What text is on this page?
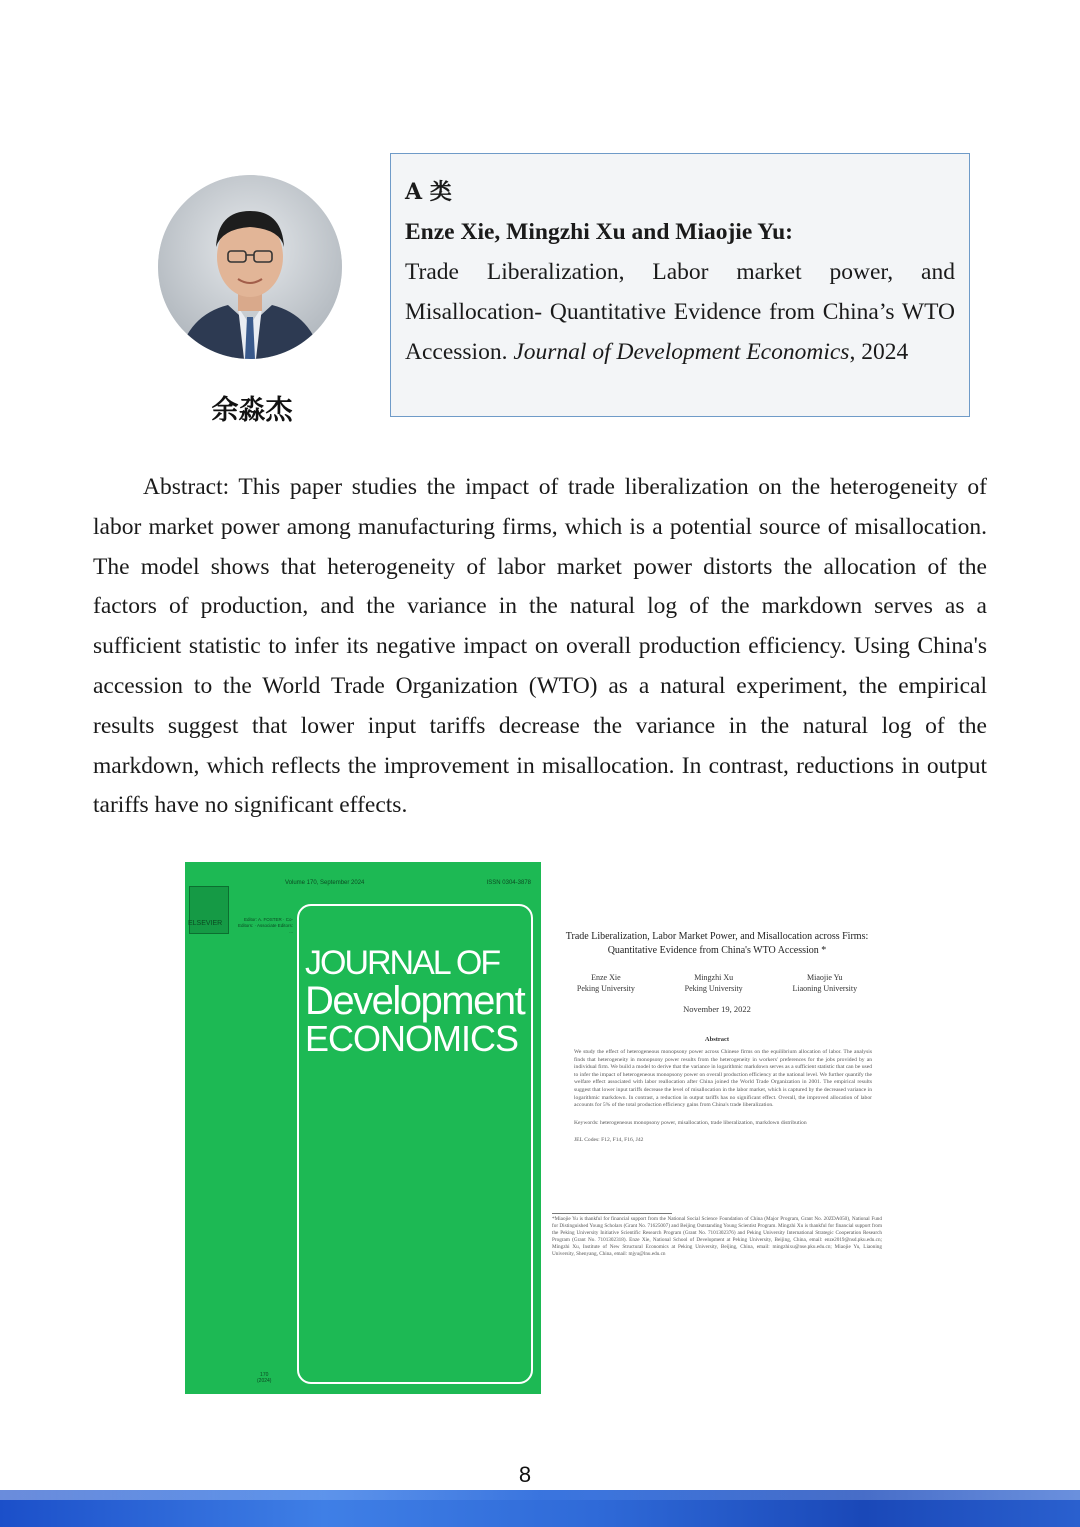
余淼杰
A 类
Enze Xie, Mingzhi Xu and Miaojie Yu:
Trade Liberalization, Labor market power, and Misallocation- Quantitative Evidence from China’s WTO Accession. Journal of Development Economics, 2024

Abstract: This paper studies the impact of trade liberalization on the heterogeneity of labor market power among manufacturing firms, which is a potential source of misallocation. The model shows that heterogeneity of labor market power distorts the allocation of the factors of production, and the variance in the natural log of the markdown serves as a sufficient statistic to infer its negative impact on overall production efficiency. Using China's accession to the World Trade Organization (WTO) as a natural experiment, the empirical results suggest that lower input tariffs decrease the variance in the natural log of the markdown, which reflects the improvement in misallocation. In contrast, reductions in output tariffs have no significant effects.

Volume 170, September 2024	ISSN 0304-3878
ELSEVIER
Editor: A. FOSTER · Co-Editors: · Associate Editors: ...
JOURNAL OF
Development
ECONOMICS
170
(2024)
Trade Liberalization, Labor Market Power, and Misallocation across Firms: Quantitative Evidence from China's WTO Accession *
Enze Xie
Peking University
Mingzhi Xu
Peking University
Miaojie Yu
Liaoning University
November 19, 2022
Abstract
We study the effect of heterogeneous monopsony power across Chinese firms on the equilibrium allocation of labor. The analysis finds that heterogeneity in monopsony power results from the heterogeneity in workers' preferences for the jobs provided by an individual firm. We build a model to derive that the variance in logarithmic markdown serves as a sufficient statistic that can be used to infer the impact of heterogeneous monopsony power on overall production efficiency at the national level. We further quantify the welfare effect associated with labor reallocation after China joined the World Trade Organization in 2001. The empirical results suggest that lower input tariffs decrease the level of misallocation in the labor market, which is captured by the decreased variance in logarithmic markdown. In contrast, a reduction in output tariffs has no significant effect. Overall, the improved allocation of labor accounts for 5% of the total production efficiency gains from China's trade liberalization.
Keywords: heterogeneous monopsony power, misallocation, trade liberalization, markdown distribution
JEL Codes: F12, F14, F16, J42
*Miaojie Yu is thankful for financial support from the National Social Science Foundation of China (Major Program, Grant No. 20ZDA050), National Fund for Distinguished Young Scholars (Grant No. 71625007) and Beijing Outstanding Young Scientist Program. Mingzhi Xu is thankful for financial support from the Peking University Initiative Scientific Research Program (Grant No. 7101302376) and Peking University International Strategic Cooperation Research Program (Grant No. 7101302318). Enze Xie, National School of Development at Peking University, Beijing, China, email: enze2019@nsd.pku.edu.cn; Mingzhi Xu, Institute of New Structural Economics at Peking University, Beijing, China, email: mingzhixu@nse.pku.edu.cn; Miaojie Yu, Liaoning University, Shenyang, China, email: mjyu@lnu.edu.cn
8
